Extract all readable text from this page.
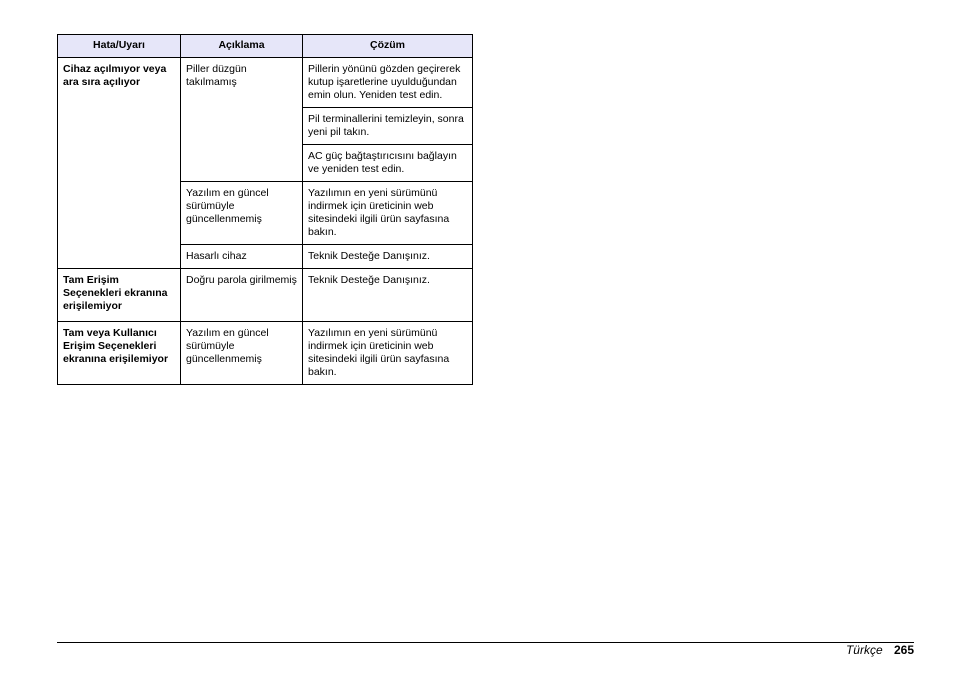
Hata/Uyarı	Açıklama	Çözüm
Cihaz açılmıyor veya ara sıra açılıyor	Piller düzgün takılmamış	Pillerin yönünü gözden geçirerek kutup işaretlerine uyulduğundan emin olun. Yeniden test edin.
		Pil terminallerini temizleyin, sonra yeni pil takın.
		AC güç bağtaştırıcısını bağlayın ve yeniden test edin.
	Yazılım en güncel sürümüyle güncellenmemiş	Yazılımın en yeni sürümünü indirmek için üreticinin web sitesindeki ilgili ürün sayfasına bakın.
	Hasarlı cihaz	Teknik Desteğe Danışınız.
Tam Erişim Seçenekleri ekranına erişilemiyor	Doğru parola girilmemiş	Teknik Desteğe Danışınız.
Tam veya Kullanıcı Erişim Seçenekleri ekranına erişilemiyor	Yazılım en güncel sürümüyle güncellenmemiş	Yazılımın en yeni sürümünü indirmek için üreticinin web sitesindeki ilgili ürün sayfasına bakın.
Türkçe 265
